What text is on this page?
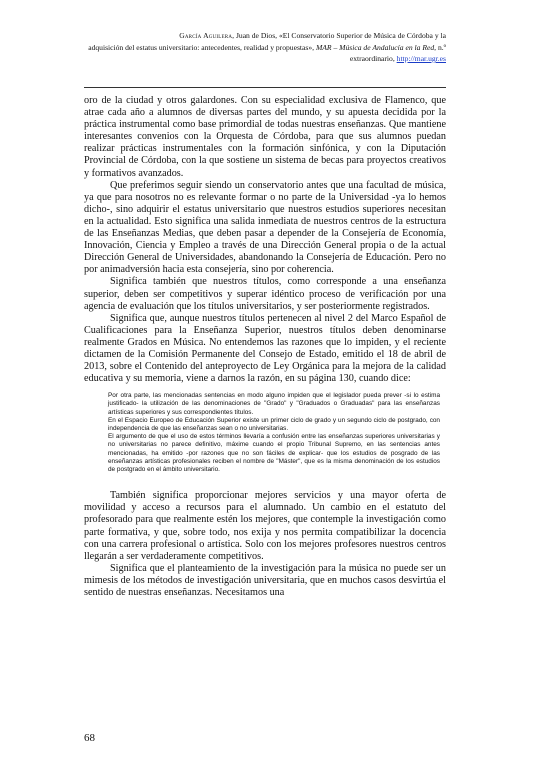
García Aguilera, Juan de Dios, «El Conservatorio Superior de Música de Córdoba y la
adquisición del estatus universitario: antecedentes, realidad y propuestas», MAR – Música de Andalucía en la Red, n.º extraordinario, http://mar.ugr.es

oro de la ciudad y otros galardones. Con su especialidad exclusiva de Flamenco, que atrae cada año a alumnos de diversas partes del mundo, y su apuesta decidida por la práctica instrumental como base primordial de todas nuestras enseñanzas. Que mantiene interesantes convenios con la Orquesta de Córdoba, para que sus alumnos puedan realizar prácticas instrumentales con la formación sinfónica, y con la Diputación Provincial de Córdoba, con la que sostiene un sistema de becas para proyectos creativos y formativos avanzados.

Que preferimos seguir siendo un conservatorio antes que una facultad de música, ya que para nosotros no es relevante formar o no parte de la Universidad -ya lo hemos dicho-, sino adquirir el estatus universitario que nuestros estudios superiores necesitan en la actualidad. Esto significa una salida inmediata de nuestros centros de la estructura de las Enseñanzas Medias, que deben pasar a depender de la Consejería de Economía, Innovación, Ciencia y Empleo a través de una Dirección General propia o de la actual Dirección General de Universidades, abandonando la Consejería de Educación. Pero no por animadversión hacia esta consejería, sino por coherencia.

Significa también que nuestros títulos, como corresponde a una enseñanza superior, deben ser competitivos y superar idéntico proceso de verificación por una agencia de evaluación que los títulos universitarios, y ser posteriormente registrados.

Significa que, aunque nuestros títulos pertenecen al nivel 2 del Marco Español de Cualificaciones para la Enseñanza Superior, nuestros títulos deben denominarse realmente Grados en Música. No entendemos las razones que lo impiden, y el reciente dictamen de la Comisión Permanente del Consejo de Estado, emitido el 18 de abril de 2013, sobre el Contenido del anteproyecto de Ley Orgánica para la mejora de la calidad educativa y su memoria, viene a darnos la razón, en su página 130, cuando dice:

Por otra parte, las mencionadas sentencias en modo alguno impiden que el legislador pueda prever -si lo estima justificado- la utilización de las denominaciones de "Grado" y "Graduados o Graduadas" para las enseñanzas artísticas superiores y sus correspondientes títulos.

En el Espacio Europeo de Educación Superior existe un primer ciclo de grado y un segundo ciclo de postgrado, con independencia de que las enseñanzas sean o no universitarias.

El argumento de que el uso de estos términos llevaría a confusión entre las enseñanzas superiores universitarias y no universitarias no parece definitivo, máxime cuando el propio Tribunal Supremo, en las sentencias antes mencionadas, ha emitido -por razones que no son fáciles de explicar- que los estudios de posgrado de las enseñanzas artísticas profesionales reciben el nombre de "Máster", que es la misma denominación de los estudios de postgrado en el ámbito universitario.

También significa proporcionar mejores servicios y una mayor oferta de movilidad y acceso a recursos para el alumnado. Un cambio en el estatuto del profesorado para que realmente estén los mejores, que contemple la investigación como parte formativa, y que, sobre todo, nos exija y nos permita compatibilizar la docencia con una carrera profesional o artística. Solo con los mejores profesores nuestros centros llegarán a ser verdaderamente competitivos.

Significa que el planteamiento de la investigación para la música no puede ser un mimesis de los métodos de investigación universitaria, que en muchos casos desvirtúa el sentido de nuestras enseñanzas. Necesitamos una

68
